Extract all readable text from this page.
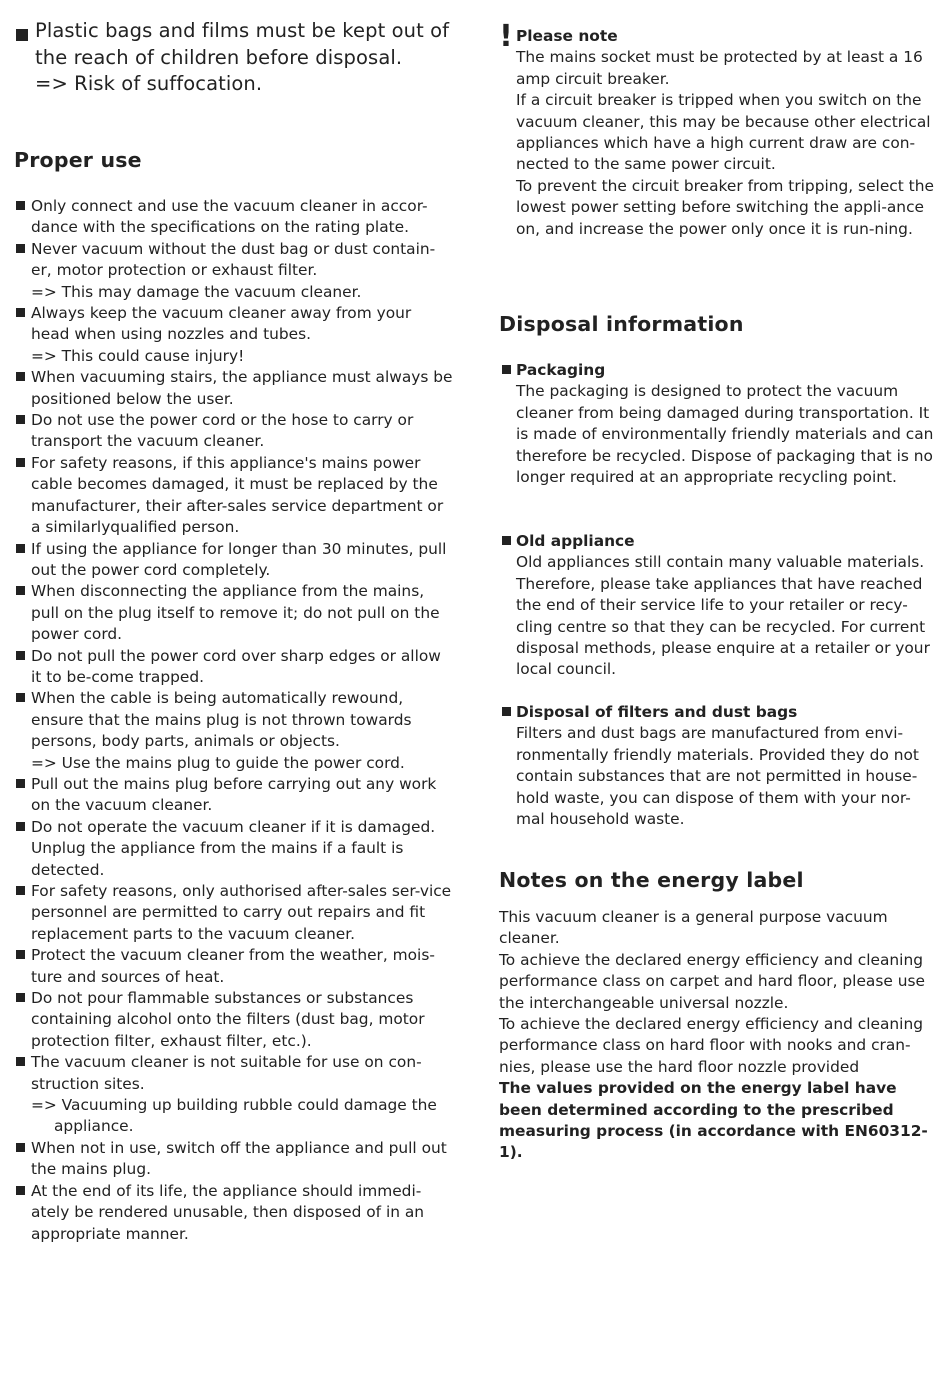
Plastic bags and films must be kept out of the reach of children before disposal.
=> Risk of suffocation.
Proper use
Only connect and use the vacuum cleaner in accor-dance with the specifications on the rating plate.
Never vacuum without the dust bag or dust contain-er, motor protection or exhaust filter.
=> This may damage the vacuum cleaner.
Always keep the vacuum cleaner away from your head when using nozzles and tubes.
=> This could cause injury!
When vacuuming stairs, the appliance must always be positioned below the user.
Do not use the power cord or the hose to carry or transport the vacuum cleaner.
For safety reasons, if this appliance's mains power cable becomes damaged, it must be replaced by the manufacturer, their after-sales service department or a similarlyqualified person.
If using the appliance for longer than 30 minutes, pull out the power cord completely.
When disconnecting the appliance from the mains, pull on the plug itself to remove it; do not pull on the power cord.
Do not pull the power cord over sharp edges or allow it to be-come trapped.
When the cable is being automatically rewound, ensure that the mains plug is not thrown towards persons, body parts, animals or objects.
=> Use the mains plug to guide the power cord.
Pull out the mains plug before carrying out any work on the vacuum cleaner.
Do not operate the vacuum cleaner if it is damaged. Unplug the appliance from the mains if a fault is detected.
For safety reasons, only authorised after-sales ser-vice personnel are permitted to carry out repairs and fit replacement parts to the vacuum cleaner.
Protect the vacuum cleaner from the weather, mois-ture and sources of heat.
Do not pour flammable substances or substances containing alcohol onto the filters (dust bag, motor protection filter, exhaust filter, etc.).
The vacuum cleaner is not suitable for use on con-struction sites.
=> Vacuuming up building rubble could damage the appliance.
When not in use, switch off the appliance and pull out the mains plug.
At the end of its life, the appliance should immedi-ately be rendered unusable, then disposed of in an appropriate manner.
! Please note
The mains socket must be protected by at least a 16 amp circuit breaker.
If a circuit breaker is tripped when you switch on the vacuum cleaner, this may be because other electrical appliances which have a high current draw are con-nected to the same power circuit.
To prevent the circuit breaker from tripping, select the lowest power setting before switching the appli-ance on, and increase the power only once it is run-ning.
Disposal information
Packaging
The packaging is designed to protect the vacuum cleaner from being damaged during transportation. It is made of environmentally friendly materials and can therefore be recycled. Dispose of packaging that is no longer required at an appropriate recycling point.
Old appliance
Old appliances still contain many valuable materials. Therefore, please take appliances that have reached the end of their service life to your retailer or recy-cling centre so that they can be recycled. For current disposal methods, please enquire at a retailer or your local council.
Disposal of filters and dust bags
Filters and dust bags are manufactured from envi-ronmentally friendly materials. Provided they do not contain substances that are not permitted in house-hold waste, you can dispose of them with your nor-mal household waste.
Notes on the energy label

This vacuum cleaner is a general purpose vacuum cleaner.

To achieve the declared energy efficiency and cleaning performance class on carpet and hard floor, please use the interchangeable universal nozzle.

To achieve the declared energy efficiency and cleaning performance class on hard floor with nooks and cran-nies, please use the hard floor nozzle provided

The values provided on the energy label have been determined according to the prescribed measuring process (in accordance with EN60312-1).
